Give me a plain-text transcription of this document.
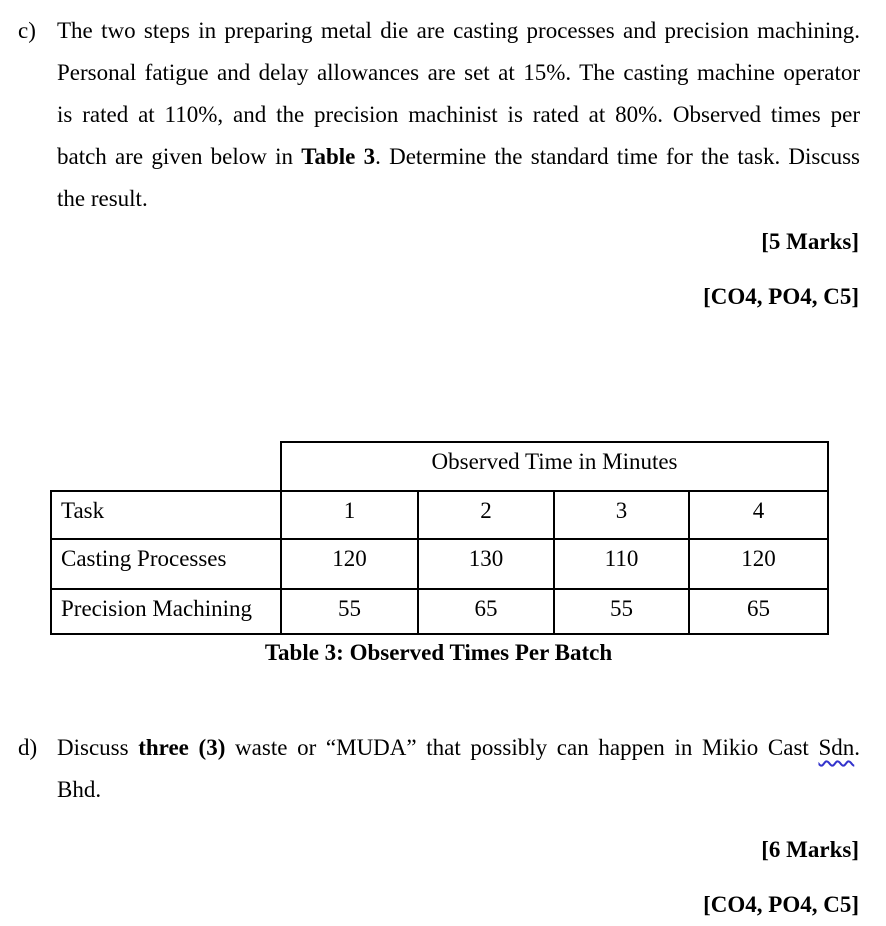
c) The two steps in preparing metal die are casting processes and precision machining.
Personal fatigue and delay allowances are set at 15%. The casting machine operator
is rated at 110%, and the precision machinist is rated at 80%. Observed times per
batch are given below in Table 3. Determine the standard time for the task. Discuss
the result.
[5 Marks]
[CO4, PO4, C5]
	Observed Time in Minutes			
Task	1	2	3	4
Casting Processes	120	130	110	120
Precision Machining	55	65	55	65
Table 3: Observed Times Per Batch
d) Discuss three (3) waste or “MUDA” that possibly can happen in Mikio Cast Sdn.
Bhd.
[6 Marks]
[CO4, PO4, C5]
